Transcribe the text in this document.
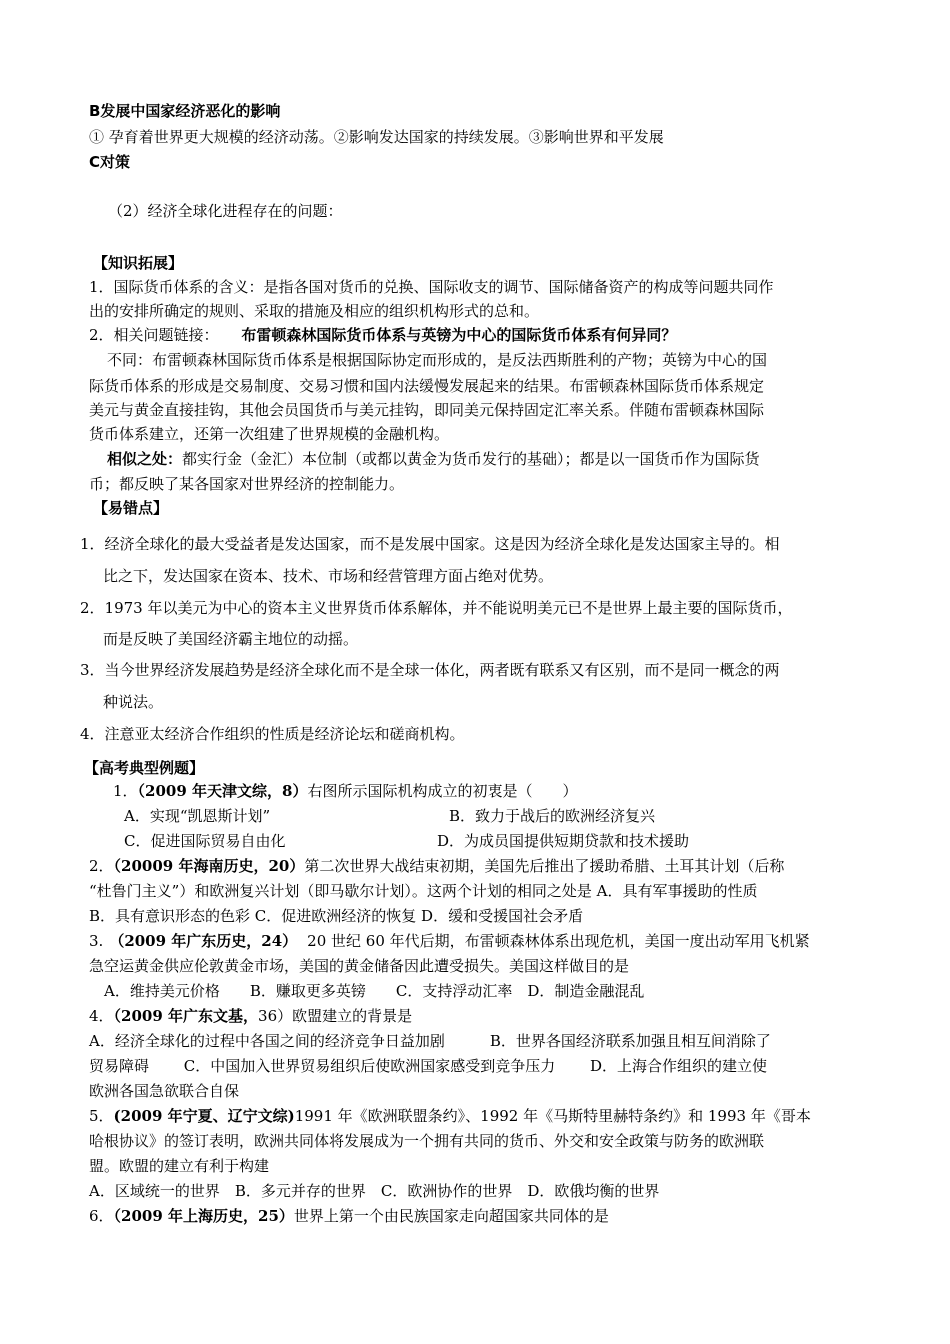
B发展中国家经济恶化的影响
① 孕育着世界更大规模的经济动荡。②影响发达国家的持续发展。③影响世界和平发展
C对策
（2）经济全球化进程存在的问题：
【知识拓展】
1．国际货币体系的含义：是指各国对货币的兑换、国际收支的调节、国际储备资产的构成等问题共同作
出的安排所确定的规则、采取的措施及相应的组织机构形式的总和。
2．相关问题链接： 布雷顿森林国际货币体系与英镑为中心的国际货币体系有何异同？
不同：布雷顿森林国际货币体系是根据国际协定而形成的，是反法西斯胜利的产物；英镑为中心的国
际货币体系的形成是交易制度、交易习惯和国内法缓慢发展起来的结果。布雷顿森林国际货币体系规定
美元与黄金直接挂钩，其他会员国货币与美元挂钩，即同美元保持固定汇率关系。伴随布雷顿森林国际
货币体系建立，还第一次组建了世界规模的金融机构。
相似之处：都实行金（金汇）本位制（或都以黄金为货币发行的基础）；都是以一国货币作为国际货
币；都反映了某各国家对世界经济的控制能力。
【易错点】
1．经济全球化的最大受益者是发达国家，而不是发展中国家。这是因为经济全球化是发达国家主导的。相
比之下，发达国家在资本、技术、市场和经营管理方面占绝对优势。
2．1973 年以美元为中心的资本主义世界货币体系解体，并不能说明美元已不是世界上最主要的国际货币，
而是反映了美国经济霸主地位的动摇。
3．当今世界经济发展趋势是经济全球化而不是全球一体化，两者既有联系又有区别，而不是同一概念的两
种说法。
4．注意亚太经济合作组织的性质是经济论坛和磋商机构。
【高考典型例题】
1．（2009 年天津文综，8）右图所示国际机构成立的初衷是（　　）
A．实现“凯恩斯计划”	B．致力于战后的欧洲经济复兴
C．促进国际贸易自由化	D．为成员国提供短期贷款和技术援助
2．（20009 年海南历史，20）第二次世界大战结束初期，美国先后推出了援助希腊、土耳其计划（后称
“杜鲁门主义”）和欧洲复兴计划（即马歇尔计划）。这两个计划的相同之处是 A．具有军事援助的性质
B．具有意识形态的色彩 C．促进欧洲经济的恢复 D．缓和受援国社会矛盾
3. （2009 年广东历史，24） 20 世纪 60 年代后期，布雷顿森林体系出现危机，美国一度出动军用飞机紧
急空运黄金供应伦敦黄金市场，美国的黄金储备因此遭受损失。美国这样做目的是
A．维持美元价格　　B．赚取更多英镑　　C．支持浮动汇率　D．制造金融混乱
4．（2009 年广东文基，36）欧盟建立的背景是
A．经济全球化的过程中各国之间的经济竞争日益加剧　　　B．世界各国经济联系加强且相互间消除了
贸易障碍　　 C．中国加入世界贸易组织后使欧洲国家感受到竞争压力　　 D．上海合作组织的建立使
欧洲各国急欲联合自保
5．(2009 年宁夏、辽宁文综)1991 年《欧洲联盟条约》、1992 年《马斯特里赫特条约》和 1993 年《哥本
哈根协议》的签订表明，欧洲共同体将发展成为一个拥有共同的货币、外交和安全政策与防务的欧洲联
盟。欧盟的建立有利于构建
A．区域统一的世界　B．多元并存的世界　C．欧洲协作的世界　D．欧俄均衡的世界
6．（2009 年上海历史，25）世界上第一个由民族国家走向超国家共同体的是
